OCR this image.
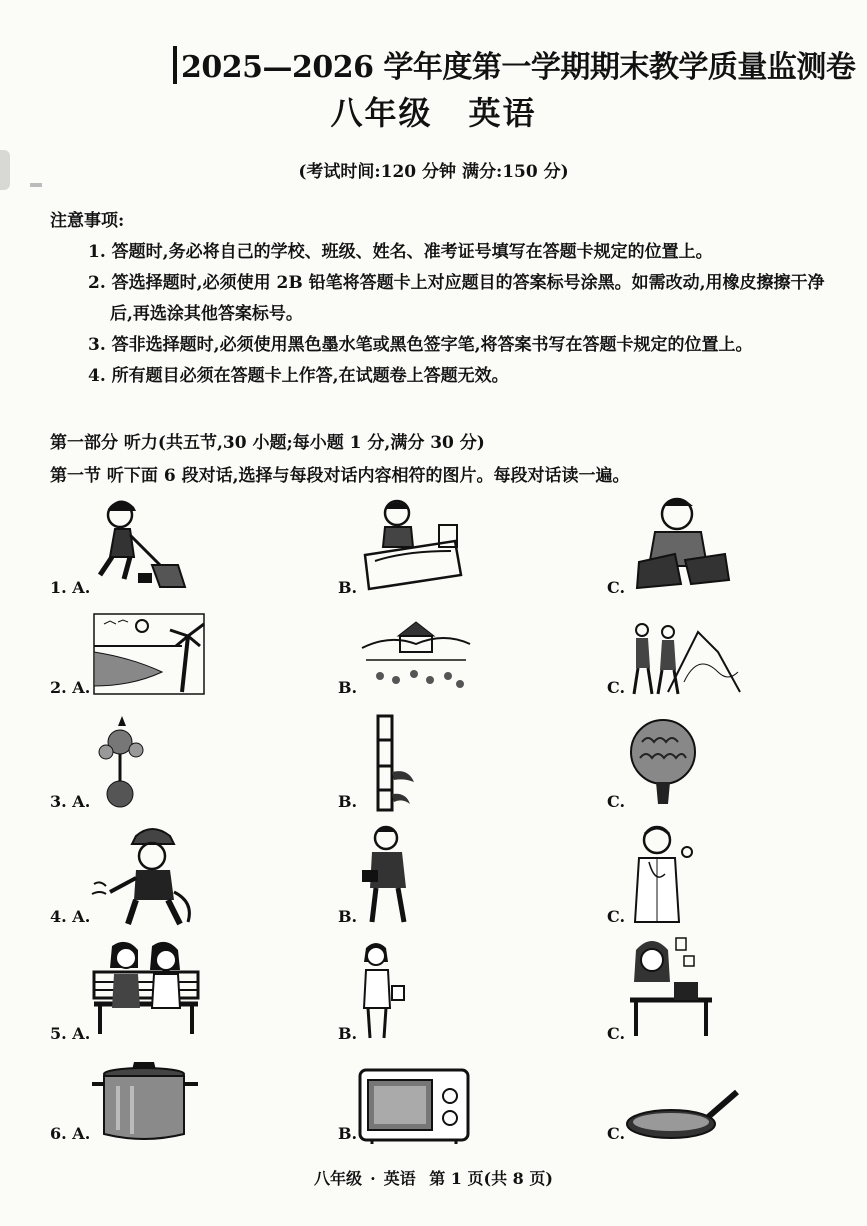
2025—2026 学年度第一学期期末教学质量监测卷
八年级 英语
(考试时间:120 分钟 满分:150 分)
注意事项:
1. 答题时,务必将自己的学校、班级、姓名、准考证号填写在答题卡规定的位置上。
2. 答选择题时,必须使用 2B 铅笔将答题卡上对应题目的答案标号涂黑。如需改动,用橡皮擦擦干净后,再选涂其他答案标号。
3. 答非选择题时,必须使用黑色墨水笔或黑色签字笔,将答案书写在答题卡规定的位置上。
4. 所有题目必须在答题卡上作答,在试题卷上答题无效。
第一部分 听力(共五节,30 小题;每小题 1 分,满分 30 分)
第一节 听下面 6 段对话,选择与每段对话内容相符的图片。每段对话读一遍。
1. A.	B.	C.
2. A.	B.	C.
3. A.	B.	C.
4. A.	B.	C.
5. A.	B.	C.
6. A.	B.	C.
八年级 · 英语 第 1 页(共 8 页)
